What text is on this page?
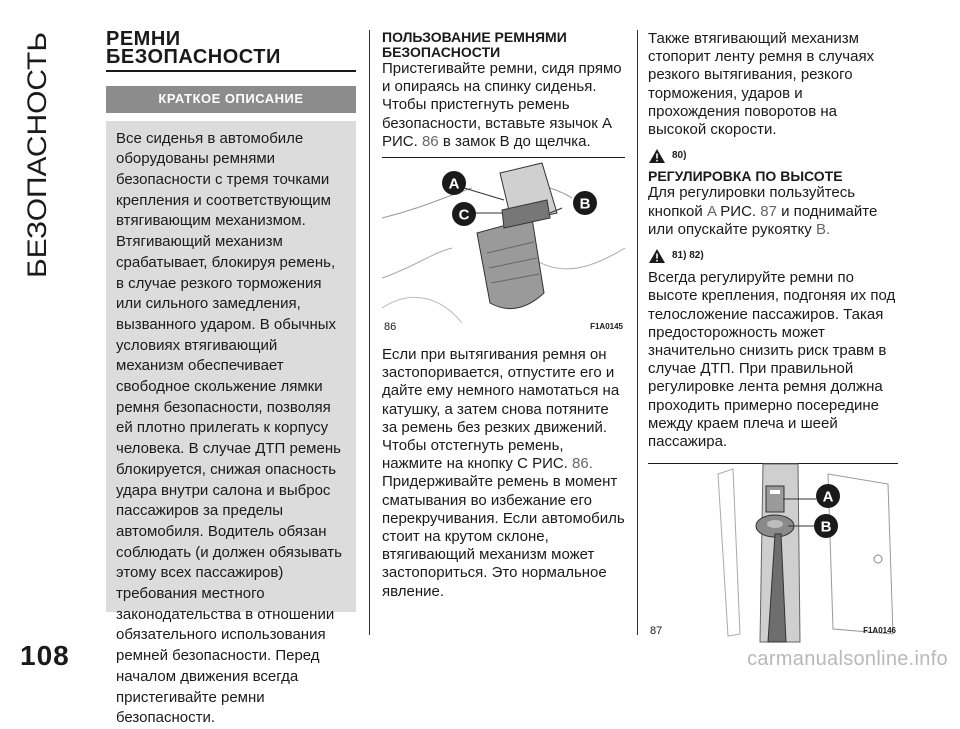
БЕЗОПАСНОСТЬ
108
РЕМНИ БЕЗОПАСНОСТИ
КРАТКОЕ ОПИСАНИЕ

Все сиденья в автомобиле оборудованы ремнями безопасности с тремя точками крепления и соответствующим втягивающим механизмом. Втягивающий механизм срабатывает, блокируя ремень, в случае резкого торможения или сильного замедления, вызванного ударом. В обычных условиях втягивающий механизм обеспечивает свободное скольжение лямки ремня безопасности, позволяя ей плотно прилегать к корпусу человека. В случае ДТП ремень блокируется, снижая опасность удара внутри салона и выброс пассажиров за пределы автомобиля. Водитель обязан соблюдать (и должен обязывать этому всех пассажиров) требования местного законодательства в отношении обязательного использования ремней безопасности. Перед началом движения всегда пристегивайте ремни безопасности.

ПОЛЬЗОВАНИЕ РЕМНЯМИ БЕЗОПАСНОСТИ

Пристегивайте ремни, сидя прямо и опираясь на спинку сиденья. Чтобы пристегнуть ремень безопасности, вставьте язычок A РИС. 86 в замок B до щелчка.

A
B
C
86	F1A0145

Если при вытягивания ремня он застопоривается, отпустите его и дайте ему немного намотаться на катушку, а затем снова потяните за ремень без резких движений. Чтобы отстегнуть ремень, нажмите на кнопку C РИС. 86. Придерживайте ремень в момент сматывания во избежание его перекручивания. Если автомобиль стоит на крутом склоне, втягивающий механизм может застопориться. Это нормальное явление.

Также втягивающий механизм стопорит ленту ремня в случаях резкого вытягивания, резкого торможения, ударов и прохождения поворотов на высокой скорости.

80)
РЕГУЛИРОВКА ПО ВЫСОТЕ

Для регулировки пользуйтесь кнопкой A РИС. 87 и поднимайте или опускайте рукоятку B.

81) 82)

Всегда регулируйте ремни по высоте крепления, подгоняя их под телосложение пассажиров. Такая предосторожность может значительно снизить риск травм в случае ДТП. При правильной регулировке лента ремня должна проходить примерно посередине между краем плеча и шеей пассажира.

A
B
87	F1A0146
carmanualsonline.info
